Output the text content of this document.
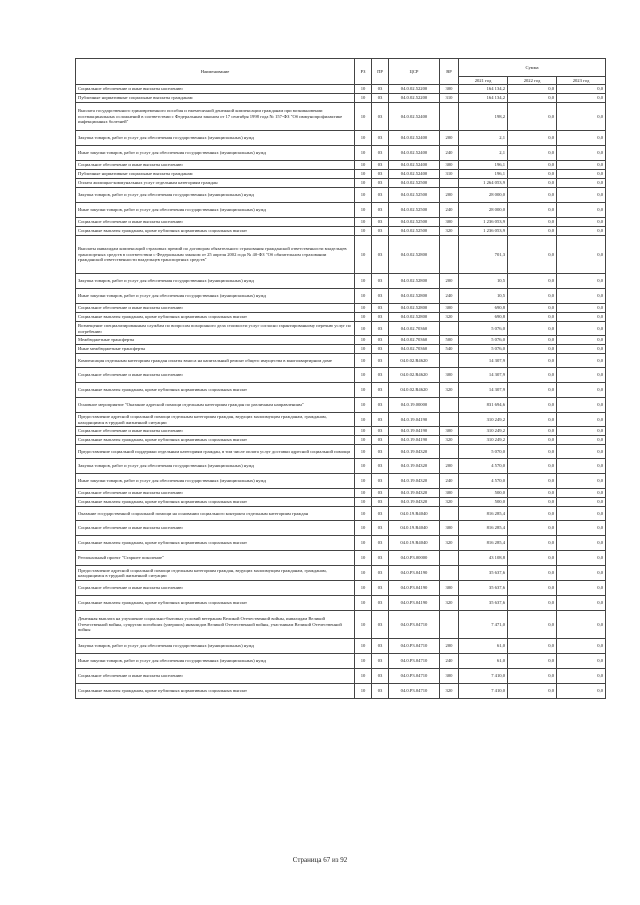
Наименование	РЗ	ПР	ЦСР	ВР	Сумма		
					2021 год	2022 год	2023 год
Социальное обеспечение и иные выплаты населению	10	03	04.0.02.52200	300	164 134,2	0,0	0,0
Публичные нормативные социальные выплаты гражданам	10	03	04.0.02.52200	310	164 134,2	0,0	0,0
Выплата государственного единовременного пособия и ежемесячной денежной компенсации гражданам при возникновении поствакцинальных осложнений в соответствии с Федеральным законом от 17 сентября 1998 года № 157-ФЗ "Об иммунопрофилактике инфекционных болезней"	10	03	04.0.02.52400		198,2	0,0	0,0
Закупка товаров, работ и услуг для обеспечения государственных (муниципальных) нужд	10	03	04.0.02.52400	200	2,1	0,0	0,0
Иные закупки товаров, работ и услуг для обеспечения государственных (муниципальных) нужд	10	03	04.0.02.52400	240	2,1	0,0	0,0
Социальное обеспечение и иные выплаты населению	10	03	04.0.02.52400	300	196,1	0,0	0,0
Публичные нормативные социальные выплаты гражданам	10	03	04.0.02.52400	310	196,1	0,0	0,0
Оплата жилищно-коммунальных услуг отдельным категориям граждан	10	03	04.0.02.52500		1 264 053,9	0,0	0,0
Закупка товаров, работ и услуг для обеспечения государственных (муниципальных) нужд	10	03	04.0.02.52500	200	28 000,0	0,0	0,0
Иные закупки товаров, работ и услуг для обеспечения государственных (муниципальных) нужд	10	03	04.0.02.52500	240	28 000,0	0,0	0,0
Социальное обеспечение и иные выплаты населению	10	03	04.0.02.52500	300	1 236 053,9	0,0	0,0
Социальные выплаты гражданам, кроме публичных нормативных социальных выплат	10	03	04.0.02.52500	320	1 236 053,9	0,0	0,0
Выплаты инвалидам компенсаций страховых премий по договорам обязательного страхования гражданской ответственности владельцев транспортных средств в соответствии с Федеральным законом от 25 апреля 2002 года № 40-ФЗ "Об обязательном страховании гражданской ответственности владельцев транспортных средств"	10	03	04.0.02.52800		701,3	0,0	0,0
Закупка товаров, работ и услуг для обеспечения государственных (муниципальных) нужд	10	03	04.0.02.52800	200	10,5	0,0	0,0
Иные закупки товаров, работ и услуг для обеспечения государственных (муниципальных) нужд	10	03	04.0.02.52800	240	10,5	0,0	0,0
Социальное обеспечение и иные выплаты населению	10	03	04.0.02.52800	300	690,8	0,0	0,0
Социальные выплаты гражданам, кроме публичных нормативных социальных выплат	10	03	04.0.02.52800	320	690,8	0,0	0,0
Возмещение специализированным службам по вопросам похоронного дела стоимости услуг согласно гарантированному перечню услуг по погребению	10	03	04.0.02.70360		5 076,0	0,0	0,0
Межбюджетные трансферты	10	03	04.0.02.70360	500	5 076,0	0,0	0,0
Иные межбюджетные трансферты	10	03	04.0.02.70360	540	5 076,0	0,0	0,0
Компенсация отдельным категориям граждан оплаты взноса на капитальный ремонт общего имущества в многоквартирном доме	10	03	04.0.02.R4620		14 307,9	0,0	0,0
Социальное обеспечение и иные выплаты населению	10	03	04.0.02.R4620	300	14 307,9	0,0	0,0
Социальные выплаты гражданам, кроме публичных нормативных социальных выплат	10	03	04.0.02.R4620	320	14 307,9	0,0	0,0
Основное мероприятие "Оказание адресной помощи отдельным категориям граждан по различным направлениям"	10	03	04.0.19.00000		831 694,6	0,0	0,0
Предоставление адресной социальной помощи отдельным категориям граждан, ведущих малоимущим гражданам, гражданам, находящимся в трудной жизненной ситуации	10	03	04.0.19.04190		310 249,2	0,0	0,0
Социальное обеспечение и иные выплаты населению	10	03	04.0.19.04190	300	310 249,2	0,0	0,0
Социальные выплаты гражданам, кроме публичных нормативных социальных выплат	10	03	04.0.19.04190	320	310 249,2	0,0	0,0
Предоставление социальной поддержки отдельным категориям граждан, в том числе оплата услуг доставки адресной социальной помощи	10	03	04.0.19.04320		5 070,0	0,0	0,0
Закупка товаров, работ и услуг для обеспечения государственных (муниципальных) нужд	10	03	04.0.19.04320	200	4 570,0	0,0	0,0
Иные закупки товаров, работ и услуг для обеспечения государственных (муниципальных) нужд	10	03	04.0.19.04320	240	4 570,0	0,0	0,0
Социальное обеспечение и иные выплаты населению	10	03	04.0.19.04320	300	500,0	0,0	0,0
Социальные выплаты гражданам, кроме публичных нормативных социальных выплат	10	03	04.0.19.04320	320	500,0	0,0	0,0
Оказание государственной социальной помощи на основании социального контракта отдельным категориям граждан	10	03	04.0.19.R4040		816 285,4	0,0	0,0
Социальное обеспечение и иные выплаты населению	10	03	04.0.19.R4040	300	816 285,4	0,0	0,0
Социальные выплаты гражданам, кроме публичных нормативных социальных выплат	10	03	04.0.19.R4040	320	816 285,4	0,0	0,0
Региональный проект "Старшее поколение"	10	03	04.0.P3.00000		43 108,8	0,0	0,0
Предоставление адресной социальной помощи отдельным категориям граждан, ведущих малоимущим гражданам, гражданам, находящимся в трудной жизненной ситуации	10	03	04.0.P3.04190		35 637,6	0,0	0,0
Социальное обеспечение и иные выплаты населению	10	03	04.0.P3.04190	300	35 637,6	0,0	0,0
Социальные выплаты гражданам, кроме публичных нормативных социальных выплат	10	03	04.0.P3.04190	320	35 637,6	0,0	0,0
Денежная выплата на улучшение социально-бытовых условий ветеранам Великой Отечественной войны, инвалидам Великой Отечественной войны, супругам погибших (умерших) инвалидов Великой Отечественной войны, участникам Великой Отечественной войны	10	03	04.0.P3.04710		7 471,0	0,0	0,0
Закупка товаров, работ и услуг для обеспечения государственных (муниципальных) нужд	10	03	04.0.P3.04710	200	61,0	0,0	0,0
Иные закупки товаров, работ и услуг для обеспечения государственных (муниципальных) нужд	10	03	04.0.P3.04710	240	61,0	0,0	0,0
Социальное обеспечение и иные выплаты населению	10	03	04.0.P3.04710	300	7 410,0	0,0	0,0
Социальные выплаты гражданам, кроме публичных нормативных социальных выплат	10	03	04.0.P3.04710	320	7 410,0	0,0	0,0
Страница 67 из 92
